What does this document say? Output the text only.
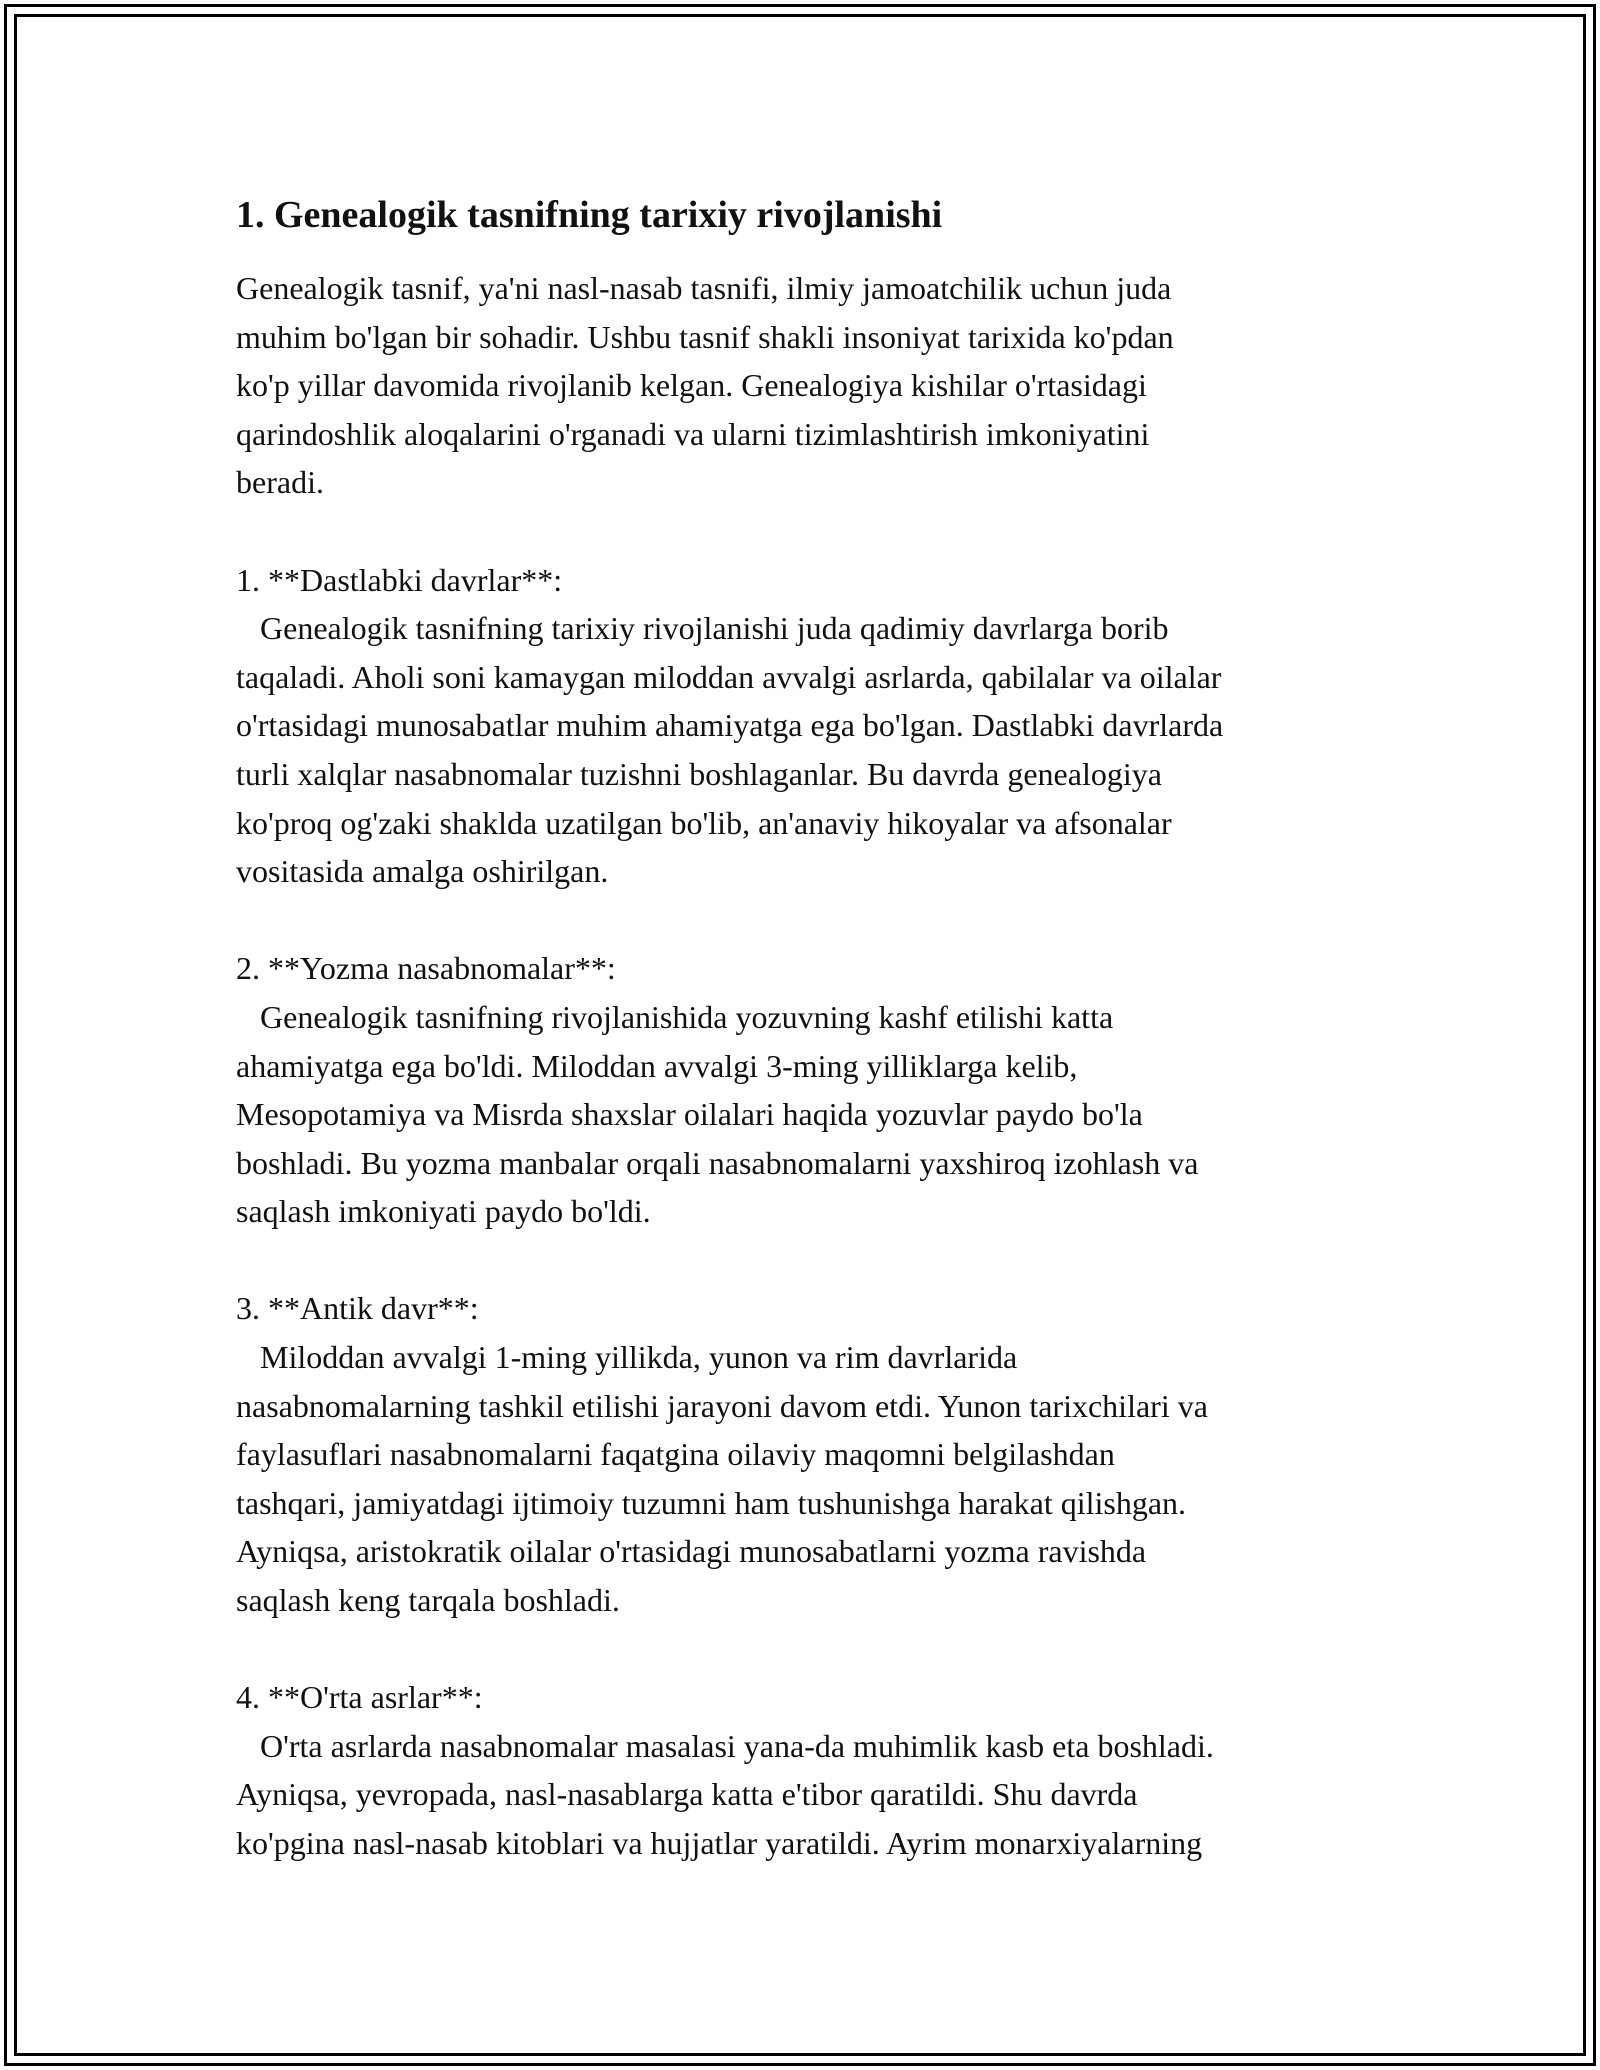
1. Genealogik tasnifning tarixiy rivojlanishi
Genealogik tasnif, ya'ni nasl-nasab tasnifi, ilmiy jamoatchilik uchun juda
muhim bo'lgan bir sohadir. Ushbu tasnif shakli insoniyat tarixida ko'pdan
ko'p yillar davomida rivojlanib kelgan. Genealogiya kishilar o'rtasidagi
qarindoshlik aloqalarini o'rganadi va ularni tizimlashtirish imkoniyatini
beradi.
1. **Dastlabki davrlar**:
Genealogik tasnifning tarixiy rivojlanishi juda qadimiy davrlarga borib
taqaladi. Aholi soni kamaygan miloddan avvalgi asrlarda, qabilalar va oilalar
o'rtasidagi munosabatlar muhim ahamiyatga ega bo'lgan. Dastlabki davrlarda
turli xalqlar nasabnomalar tuzishni boshlaganlar. Bu davrda genealogiya
ko'proq og'zaki shaklda uzatilgan bo'lib, an'anaviy hikoyalar va afsonalar
vositasida amalga oshirilgan.
2. **Yozma nasabnomalar**:
Genealogik tasnifning rivojlanishida yozuvning kashf etilishi katta
ahamiyatga ega bo'ldi. Miloddan avvalgi 3-ming yilliklarga kelib,
Mesopotamiya va Misrda shaxslar oilalari haqida yozuvlar paydo bo'la
boshladi. Bu yozma manbalar orqali nasabnomalarni yaxshiroq izohlash va
saqlash imkoniyati paydo bo'ldi.
3. **Antik davr**:
Miloddan avvalgi 1-ming yillikda, yunon va rim davrlarida
nasabnomalarning tashkil etilishi jarayoni davom etdi. Yunon tarixchilari va
faylasuflari nasabnomalarni faqatgina oilaviy maqomni belgilashdan
tashqari, jamiyatdagi ijtimoiy tuzumni ham tushunishga harakat qilishgan.
Ayniqsa, aristokratik oilalar o'rtasidagi munosabatlarni yozma ravishda
saqlash keng tarqala boshladi.
4. **O'rta asrlar**:
O'rta asrlarda nasabnomalar masalasi yana-da muhimlik kasb eta boshladi.
Ayniqsa, yevropada, nasl-nasablarga katta e'tibor qaratildi. Shu davrda
ko'pgina nasl-nasab kitoblari va hujjatlar yaratildi. Ayrim monarxiyalarning
